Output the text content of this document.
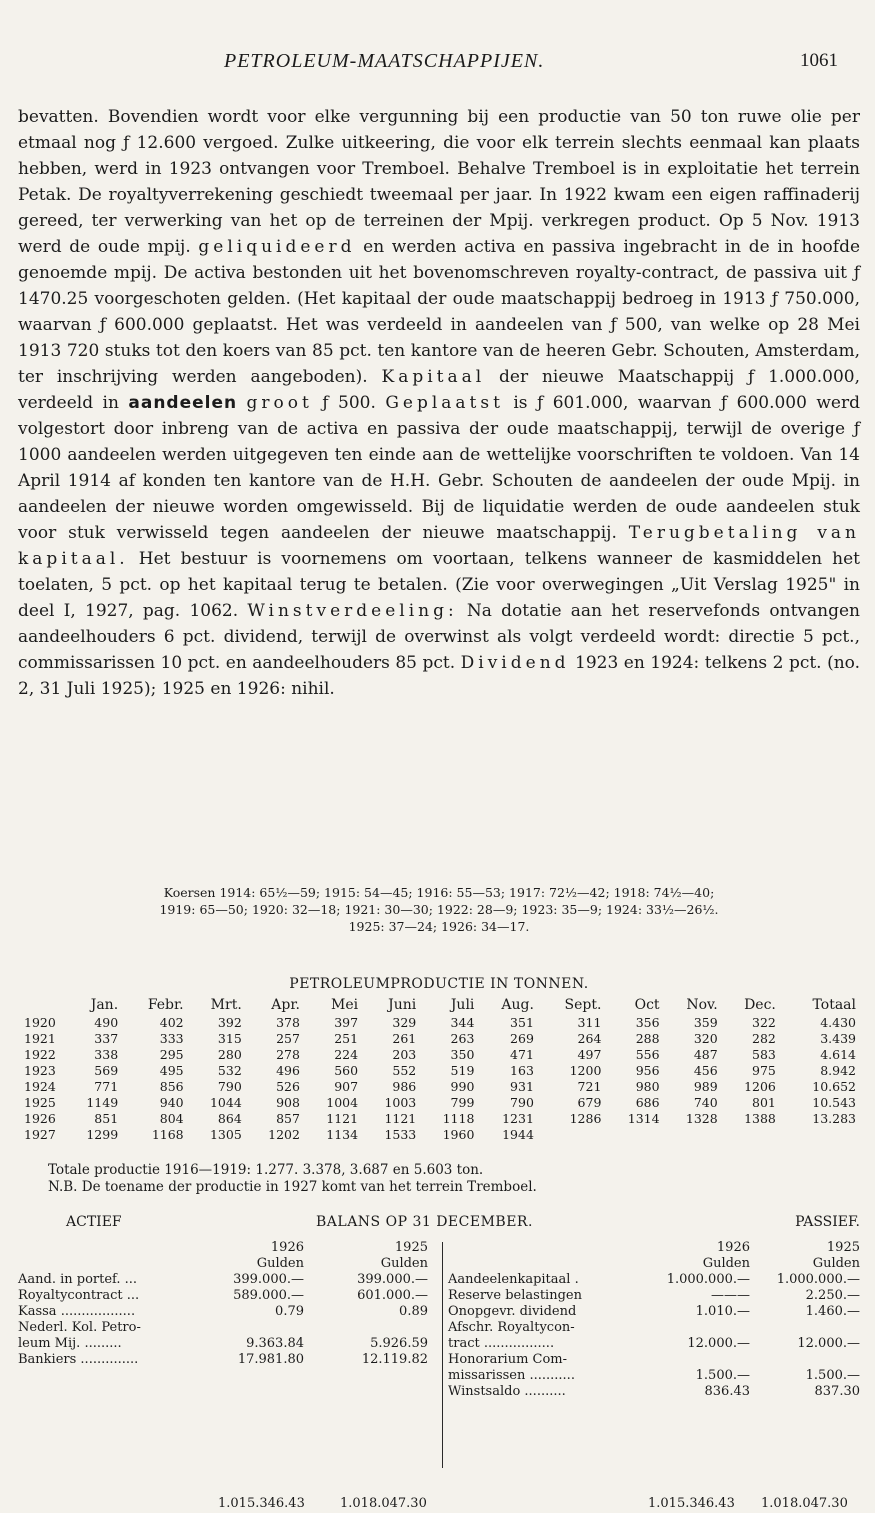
PETROLEUM-MAATSCHAPPIJEN.	1061

bevatten. Bovendien wordt voor elke vergunning bij een productie van 50 ton ruwe olie per etmaal nog ƒ 12.600 vergoed. Zulke uitkeering, die voor elk terrein slechts eenmaal kan plaats hebben, werd in 1923 ontvangen voor Tremboel. Behalve Tremboel is in exploitatie het terrein Petak. De royaltyverrekening geschiedt tweemaal per jaar. In 1922 kwam een eigen raffinaderij gereed, ter verwerking van het op de terreinen der Mpij. verkregen product. Op 5 Nov. 1913 werd de oude mpij. geliquideerd en werden activa en passiva ingebracht in de in hoofde genoemde mpij. De activa bestonden uit het bovenomschreven royalty-contract, de passiva uit ƒ 1470.25 voorgeschoten gelden. (Het kapitaal der oude maatschappij bedroeg in 1913 ƒ 750.000, waarvan ƒ 600.000 geplaatst. Het was verdeeld in aandeelen van ƒ 500, van welke op 28 Mei 1913 720 stuks tot den koers van 85 pct. ten kantore van de heeren Gebr. Schouten, Amsterdam, ter inschrijving werden aangeboden). Kapitaal der nieuwe Maatschappij ƒ 1.000.000, verdeeld in aandeelen groot ƒ 500. Geplaatst is ƒ 601.000, waarvan ƒ 600.000 werd volgestort door inbreng van de activa en passiva der oude maatschappij, terwijl de overige ƒ 1000 aandeelen werden uitgegeven ten einde aan de wettelijke voorschriften te voldoen. Van 14 April 1914 af konden ten kantore van de H.H. Gebr. Schouten de aandeelen der oude Mpij. in aandeelen der nieuwe worden omgewisseld. Bij de liquidatie werden de oude aandeelen stuk voor stuk verwisseld tegen aandeelen der nieuwe maatschappij. Terugbetaling van kapitaal. Het bestuur is voornemens om voortaan, telkens wanneer de kasmiddelen het toelaten, 5 pct. op het kapitaal terug te betalen. (Zie voor overwegingen „Uit Verslag 1925" in deel I, 1927, pag. 1062. Winstverdeeling: Na dotatie aan het reservefonds ontvangen aandeelhouders 6 pct. dividend, terwijl de overwinst als volgt verdeeld wordt: directie 5 pct., commissarissen 10 pct. en aandeelhouders 85 pct. Dividend 1923 en 1924: telkens 2 pct. (no. 2, 31 Juli 1925); 1925 en 1926: nihil.

Koersen 1914: 65½—59; 1915: 54—45; 1916: 55—53; 1917: 72½—42; 1918: 74½—40;
1919: 65—50; 1920: 32—18; 1921: 30—30; 1922: 28—9; 1923: 35—9; 1924: 33½—26½.
1925: 37—24; 1926: 34—17.
PETROLEUMPRODUCTIE IN TONNEN.
	Jan.	Febr.	Mrt.	Apr.	Mei	Juni	Juli	Aug.	Sept.	Oct	Nov.	Dec.	Totaal
1920	490	402	392	378	397	329	344	351	311	356	359	322	4.430
1921	337	333	315	257	251	261	263	269	264	288	320	282	3.439
1922	338	295	280	278	224	203	350	471	497	556	487	583	4.614
1923	569	495	532	496	560	552	519	163	1200	956	456	975	8.942
1924	771	856	790	526	907	986	990	931	721	980	989	1206	10.652
1925	1149	940	1044	908	1004	1003	799	790	679	686	740	801	10.543
1926	851	804	864	857	1121	1121	1118	1231	1286	1314	1328	1388	13.283
1927	1299	1168	1305	1202	1134	1533	1960	1944					
Totale productie 1916—1919: 1.277. 3.378, 3.687 en 5.603 ton.
N.B. De toename der productie in 1927 komt van het terrein Tremboel.
ACTIEF	BALANS OP 31 DECEMBER.	PASSIEF.
1926	1925
Gulden	Gulden
Aand. in portef. ...	399.000.—	399.000.—
Royaltycontract ...	589.000.—	601.000.—
Kassa ..................	0.79	0.89
Nederl. Kol. Petro-
leum Mij. .........	9.363.84	5.926.59
Bankiers ..............	17.981.80	12.119.82
1926	1925
Gulden	Gulden
Aandeelenkapitaal .	1.000.000.— 1.000.000.—
Reserve belastingen	———	2.250.—
Onopgevr. dividend	1.010.—	1.460.—
Afschr. Royaltycon-
tract .................	12.000.—	12.000.—
Honorarium Com-
missarissen ...........	1.500.—	1.500.—
Winstsaldo ..........	836.43	837.30
1.015.346.43	1.018.047.30	1.015.346.43 1.018.047.30
